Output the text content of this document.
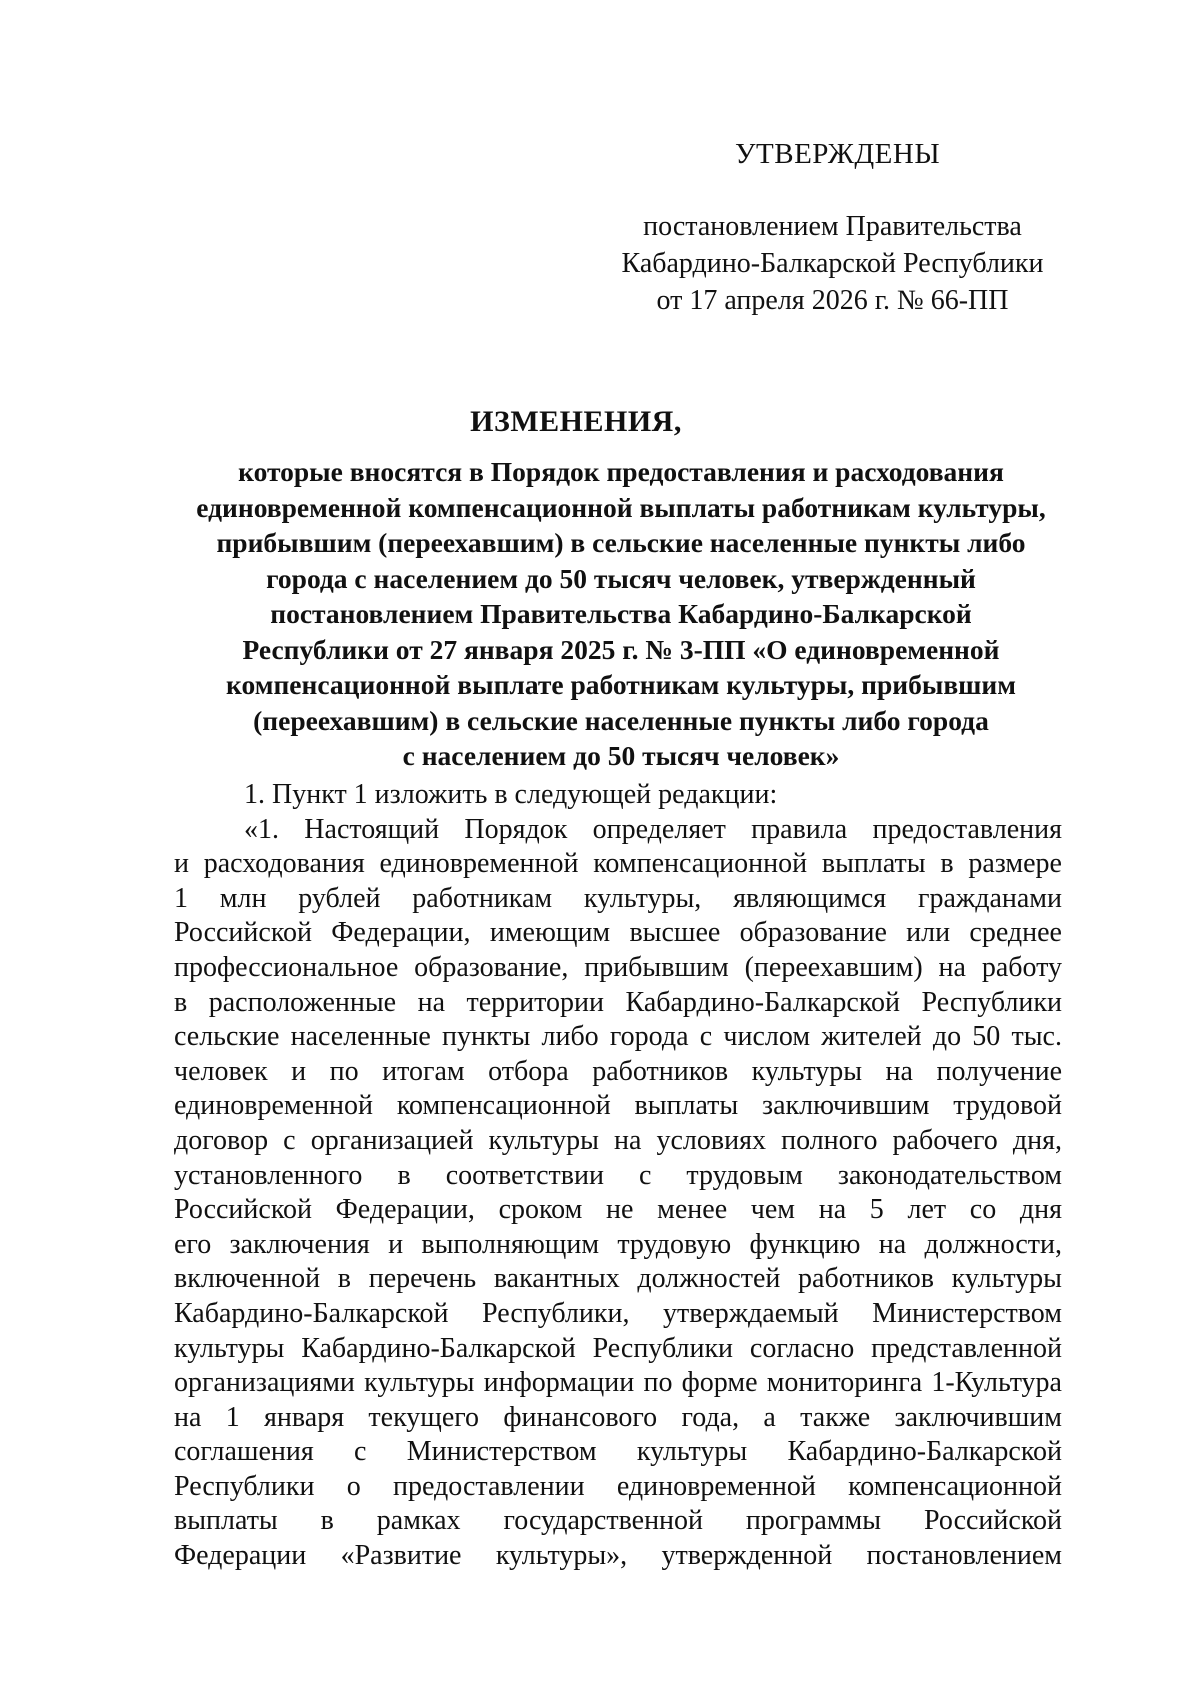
УТВЕРЖДЕНЫ
постановлением Правительства
Кабардино-Балкарской Республики
от 17 апреля 2026 г. № 66-ПП
ИЗМЕНЕНИЯ,
которые вносятся в Порядок предоставления и расходования
единовременной компенсационной выплаты работникам культуры,
прибывшим (переехавшим) в сельские населенные пункты либо
города с населением до 50 тысяч человек, утвержденный
постановлением Правительства Кабардино-Балкарской
Республики от 27 января 2025 г. № 3-ПП «О единовременной
компенсационной выплате работникам культуры, прибывшим
(переехавшим) в сельские населенные пункты либо города
с населением до 50 тысяч человек»
1. Пункт 1 изложить в следующей редакции:
«1. Настоящий Порядок определяет правила предоставления
и расходования единовременной компенсационной выплаты в размере
1 млн рублей работникам культуры, являющимся гражданами
Российской Федерации, имеющим высшее образование или среднее
профессиональное образование, прибывшим (переехавшим) на работу
в расположенные на территории Кабардино-Балкарской Республики
сельские населенные пункты либо города с числом жителей до 50 тыс.
человек и по итогам отбора работников культуры на получение
единовременной компенсационной выплаты заключившим трудовой
договор с организацией культуры на условиях полного рабочего дня,
установленного в соответствии с трудовым законодательством
Российской Федерации, сроком не менее чем на 5 лет со дня
его заключения и выполняющим трудовую функцию на должности,
включенной в перечень вакантных должностей работников культуры
Кабардино-Балкарской Республики, утверждаемый Министерством
культуры Кабардино-Балкарской Республики согласно представленной
организациями культуры информации по форме мониторинга 1-Культура
на 1 января текущего финансового года, а также заключившим
соглашения с Министерством культуры Кабардино-Балкарской
Республики о предоставлении единовременной компенсационной
выплаты в рамках государственной программы Российской
Федерации «Развитие культуры», утвержденной постановлением
